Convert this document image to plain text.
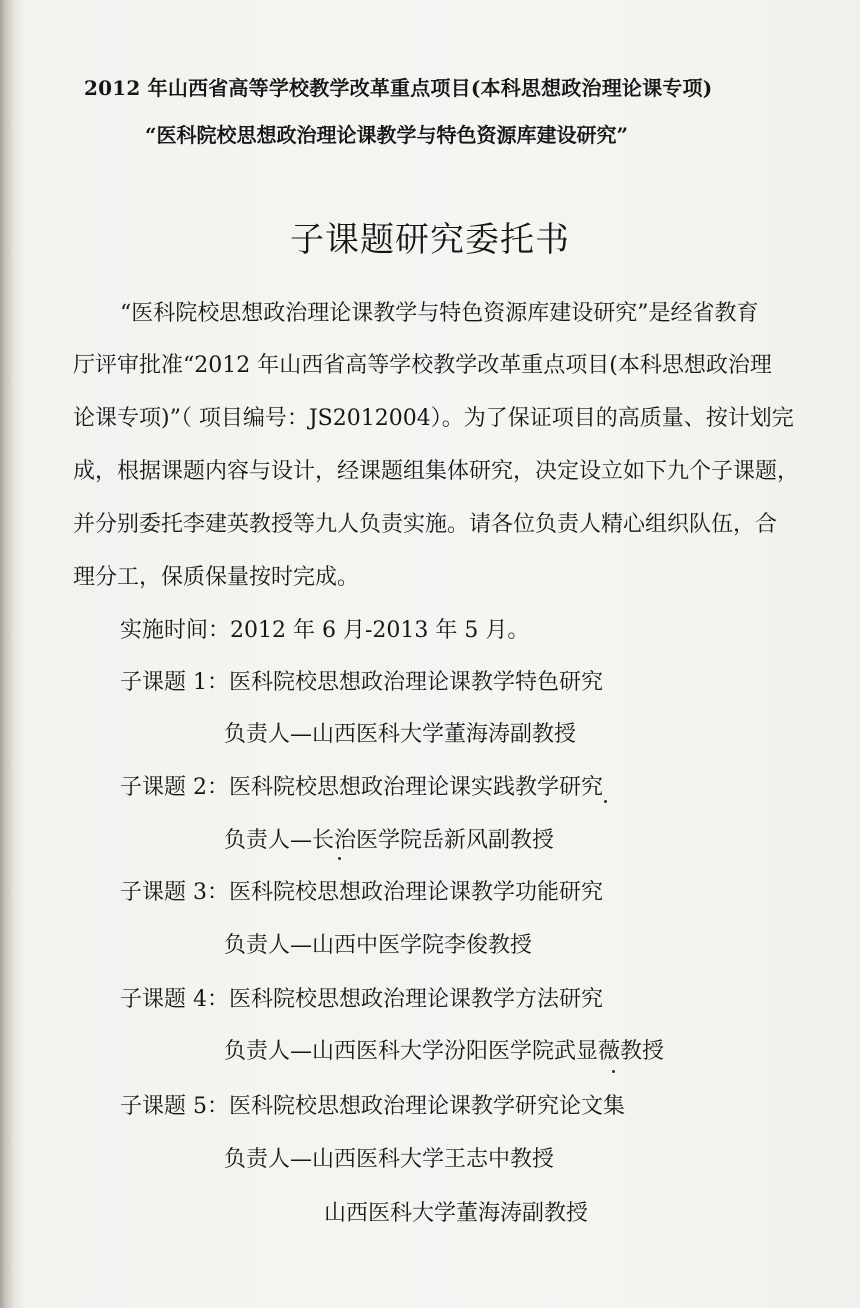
2012 年山西省高等学校教学改革重点项目(本科思想政治理论课专项)

“医科院校思想政治理论课教学与特色资源库建设研究”

子课题研究委托书

“医科院校思想政治理论课教学与特色资源库建设研究”是经省教育

厅评审批准“2012 年山西省高等学校教学改革重点项目(本科思想政治理

论课专项)”（ 项目编号：JS2012004）。为了保证项目的高质量、按计划完

成，根据课题内容与设计，经课题组集体研究，决定设立如下九个子课题，

并分别委托李建英教授等九人负责实施。请各位负责人精心组织队伍，合

理分工，保质保量按时完成。

实施时间：2012 年 6 月-2013 年 5 月。

子课题 1：医科院校思想政治理论课教学特色研究

负责人—山西医科大学董海涛副教授

子课题 2：医科院校思想政治理论课实践教学研究

负责人—长治医学院岳新风副教授

子课题 3：医科院校思想政治理论课教学功能研究

负责人—山西中医学院李俊教授

子课题 4：医科院校思想政治理论课教学方法研究

负责人—山西医科大学汾阳医学院武显薇教授

子课题 5：医科院校思想政治理论课教学研究论文集

负责人—山西医科大学王志中教授

山西医科大学董海涛副教授
